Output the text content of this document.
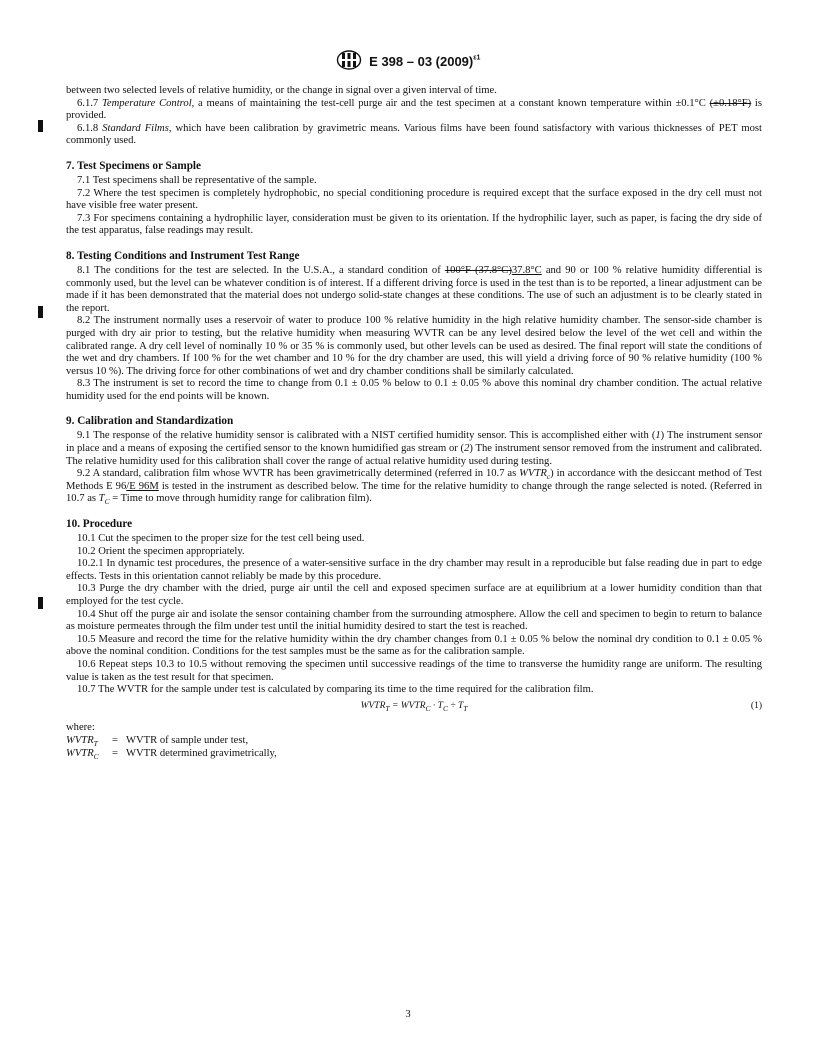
E 398 – 03 $(2009)^{\varepsilon 1}$

between two selected levels of relative humidity, or the change in signal over a given interval of time.

6.1.7 Temperature Control, a means of maintaining the test-cell purge air and the test specimen at a constant known temperature within ±0.1°C (±0.18°F) is provided.

6.1.8 Standard Films, which have been calibration by gravimetric means. Various films have been found satisfactory with various thicknesses of PET most commonly used.

7. Test Specimens or Sample

7.1 Test specimens shall be representative of the sample.

7.2 Where the test specimen is completely hydrophobic, no special conditioning procedure is required except that the surface exposed in the dry cell must not have visible free water present.

7.3 For specimens containing a hydrophilic layer, consideration must be given to its orientation. If the hydrophilic layer, such as paper, is facing the dry side of the test apparatus, false readings may result.

8. Testing Conditions and Instrument Test Range

8.1 The conditions for the test are selected. In the U.S.A., a standard condition of 100°F (37.8°C)37.8°C and 90 or 100 % relative humidity differential is commonly used, but the level can be whatever condition is of interest. If a different driving force is used in the test than is to be reported, a linear adjustment can be made if it has been demonstrated that the material does not undergo solid-state changes at these conditions. The use of such an adjustment is to be clearly stated in the report.

8.2 The instrument normally uses a reservoir of water to produce 100 % relative humidity in the high relative humidity chamber. The sensor-side chamber is purged with dry air prior to testing, but the relative humidity when measuring WVTR can be any level desired below the level of the wet cell and within the calibrated range. A dry cell level of nominally 10 % or 35 % is commonly used, but other levels can be used as desired. The final report will state the conditions of the wet and dry chambers. If 100 % for the wet chamber and 10 % for the dry chamber are used, this will yield a driving force of 90 % relative humidity (100 % versus 10 %). The driving force for other combinations of wet and dry chamber conditions shall be similarly calculated.

8.3 The instrument is set to record the time to change from 0.1 ± 0.05 % below to 0.1 ± 0.05 % above this nominal dry chamber condition. The actual relative humidity used for the end points will be known.

9. Calibration and Standardization

9.1 The response of the relative humidity sensor is calibrated with a NIST certified humidity sensor. This is accomplished either with (1) The instrument sensor in place and a means of exposing the certified sensor to the known humidified gas stream or (2) The instrument sensor removed from the instrument and calibrated. The relative humidity used for this calibration shall cover the range of actual relative humidity used during testing.

9.2 A standard, calibration film whose WVTR has been gravimetrically determined (referred in 10.7 as $WVTR_c$) in accordance with the desiccant method of Test Methods E 96/E 96M is tested in the instrument as described below. The time for the relative humidity to change through the range selected is noted. (Referred in 10.7 as $T_C$ = Time to move through humidity range for calibration film).

10. Procedure

10.1 Cut the specimen to the proper size for the test cell being used.

10.2 Orient the specimen appropriately.

10.2.1 In dynamic test procedures, the presence of a water-sensitive surface in the dry chamber may result in a reproducible but false reading due in part to edge effects. Tests in this orientation cannot reliably be made by this procedure.

10.3 Purge the dry chamber with the dried, purge air until the cell and exposed specimen surface are at equilibrium at a lower humidity condition than that employed for the test cycle.

10.4 Shut off the purge air and isolate the sensor containing chamber from the surrounding atmosphere. Allow the cell and specimen to begin to return to balance as moisture permeates through the film under test until the initial humidity desired to start the test is reached.

10.5 Measure and record the time for the relative humidity within the dry chamber changes from 0.1 ± 0.05 % below the nominal dry condition to 0.1 ± 0.05 % above the nominal condition. Conditions for the test samples must be the same as for the calibration sample.

10.6 Repeat steps 10.3 to 10.5 without removing the specimen until successive readings of the time to transverse the humidity range are uniform. The resulting value is taken as the test result for that specimen.

10.7 The WVTR for the sample under test is calculated by comparing its time to the time required for the calibration film.

$WVTR_T$ = $WVTR_C \cdot T_C \div T_T$	(1)
where:
$WVTR_T$ = WVTR of sample under test,
$WVTR_C$ = WVTR determined gravimetrically,
3
